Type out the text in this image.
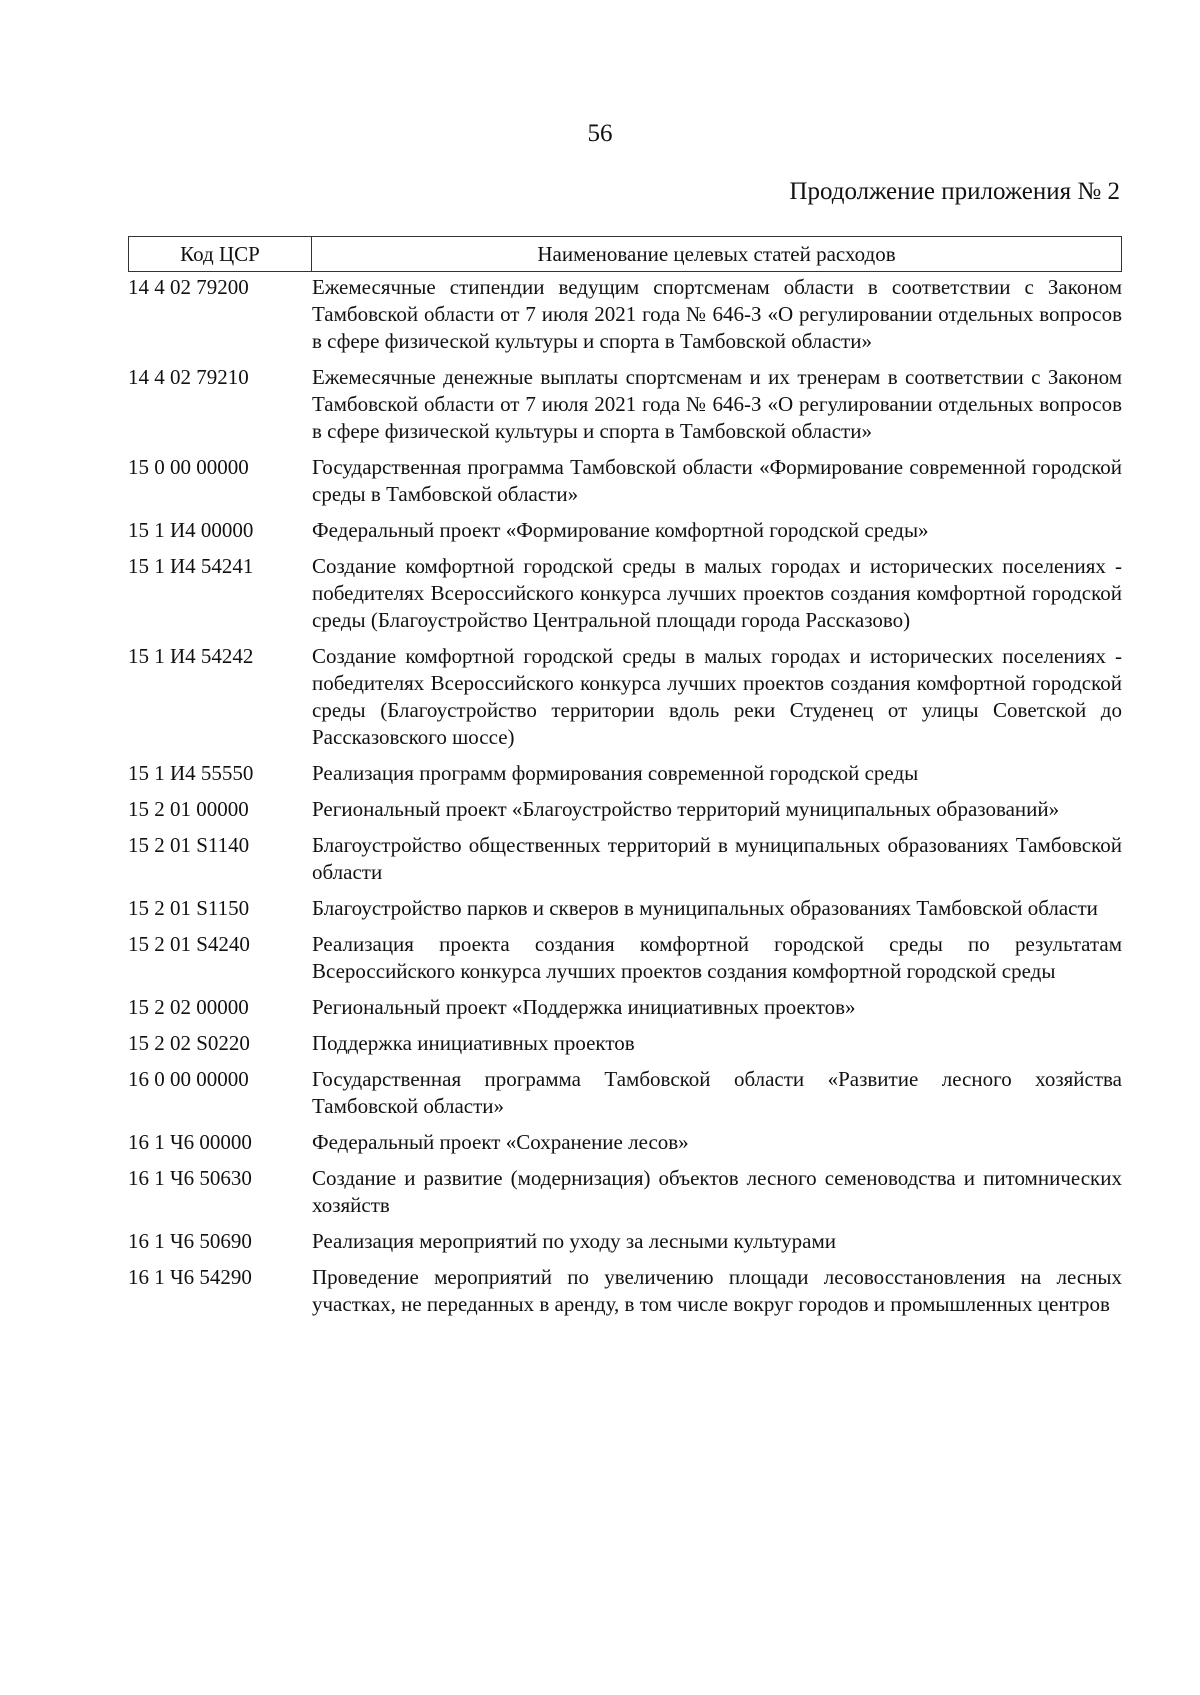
56
Продолжение приложения № 2
Код ЦСР	Наименование целевых статей расходов
14 4 02 79200	Ежемесячные стипендии ведущим спортсменам области в соответствии с Законом Тамбовской области от 7 июля 2021 года № 646-З «О регулировании отдельных вопросов в сфере физической культуры и спорта в Тамбовской области»
14 4 02 79210	Ежемесячные денежные выплаты спортсменам и их тренерам в соответствии с Законом Тамбовской области от 7 июля 2021 года № 646-З «О регулировании отдельных вопросов в сфере физической культуры и спорта в Тамбовской области»
15 0 00 00000	Государственная программа Тамбовской области «Формирование современной городской среды в Тамбовской области»
15 1 И4 00000	Федеральный проект «Формирование комфортной городской среды»
15 1 И4 54241	Создание комфортной городской среды в малых городах и исторических поселениях - победителях Всероссийского конкурса лучших проектов создания комфортной городской среды (Благоустройство Центральной площади города Рассказово)
15 1 И4 54242	Создание комфортной городской среды в малых городах и исторических поселениях - победителях Всероссийского конкурса лучших проектов создания комфортной городской среды (Благоустройство территории вдоль реки Студенец от улицы Советской до Рассказовского шоссе)
15 1 И4 55550	Реализация программ формирования современной городской среды
15 2 01 00000	Региональный проект «Благоустройство территорий муниципальных образований»
15 2 01 S1140	Благоустройство общественных территорий в муниципальных образованиях Тамбовской области
15 2 01 S1150	Благоустройство парков и скверов в муниципальных образованиях Тамбовской области
15 2 01 S4240	Реализация проекта создания комфортной городской среды по результатам Всероссийского конкурса лучших проектов создания комфортной городской среды
15 2 02 00000	Региональный проект «Поддержка инициативных проектов»
15 2 02 S0220	Поддержка инициативных проектов
16 0 00 00000	Государственная программа Тамбовской области «Развитие лесного хозяйства Тамбовской области»
16 1 Ч6 00000	Федеральный проект «Сохранение лесов»
16 1 Ч6 50630	Создание и развитие (модернизация) объектов лесного семеноводства и питомнических хозяйств
16 1 Ч6 50690	Реализация мероприятий по уходу за лесными культурами
16 1 Ч6 54290	Проведение мероприятий по увеличению площади лесовосстановления на лесных участках, не переданных в аренду, в том числе вокруг городов и промышленных центров
